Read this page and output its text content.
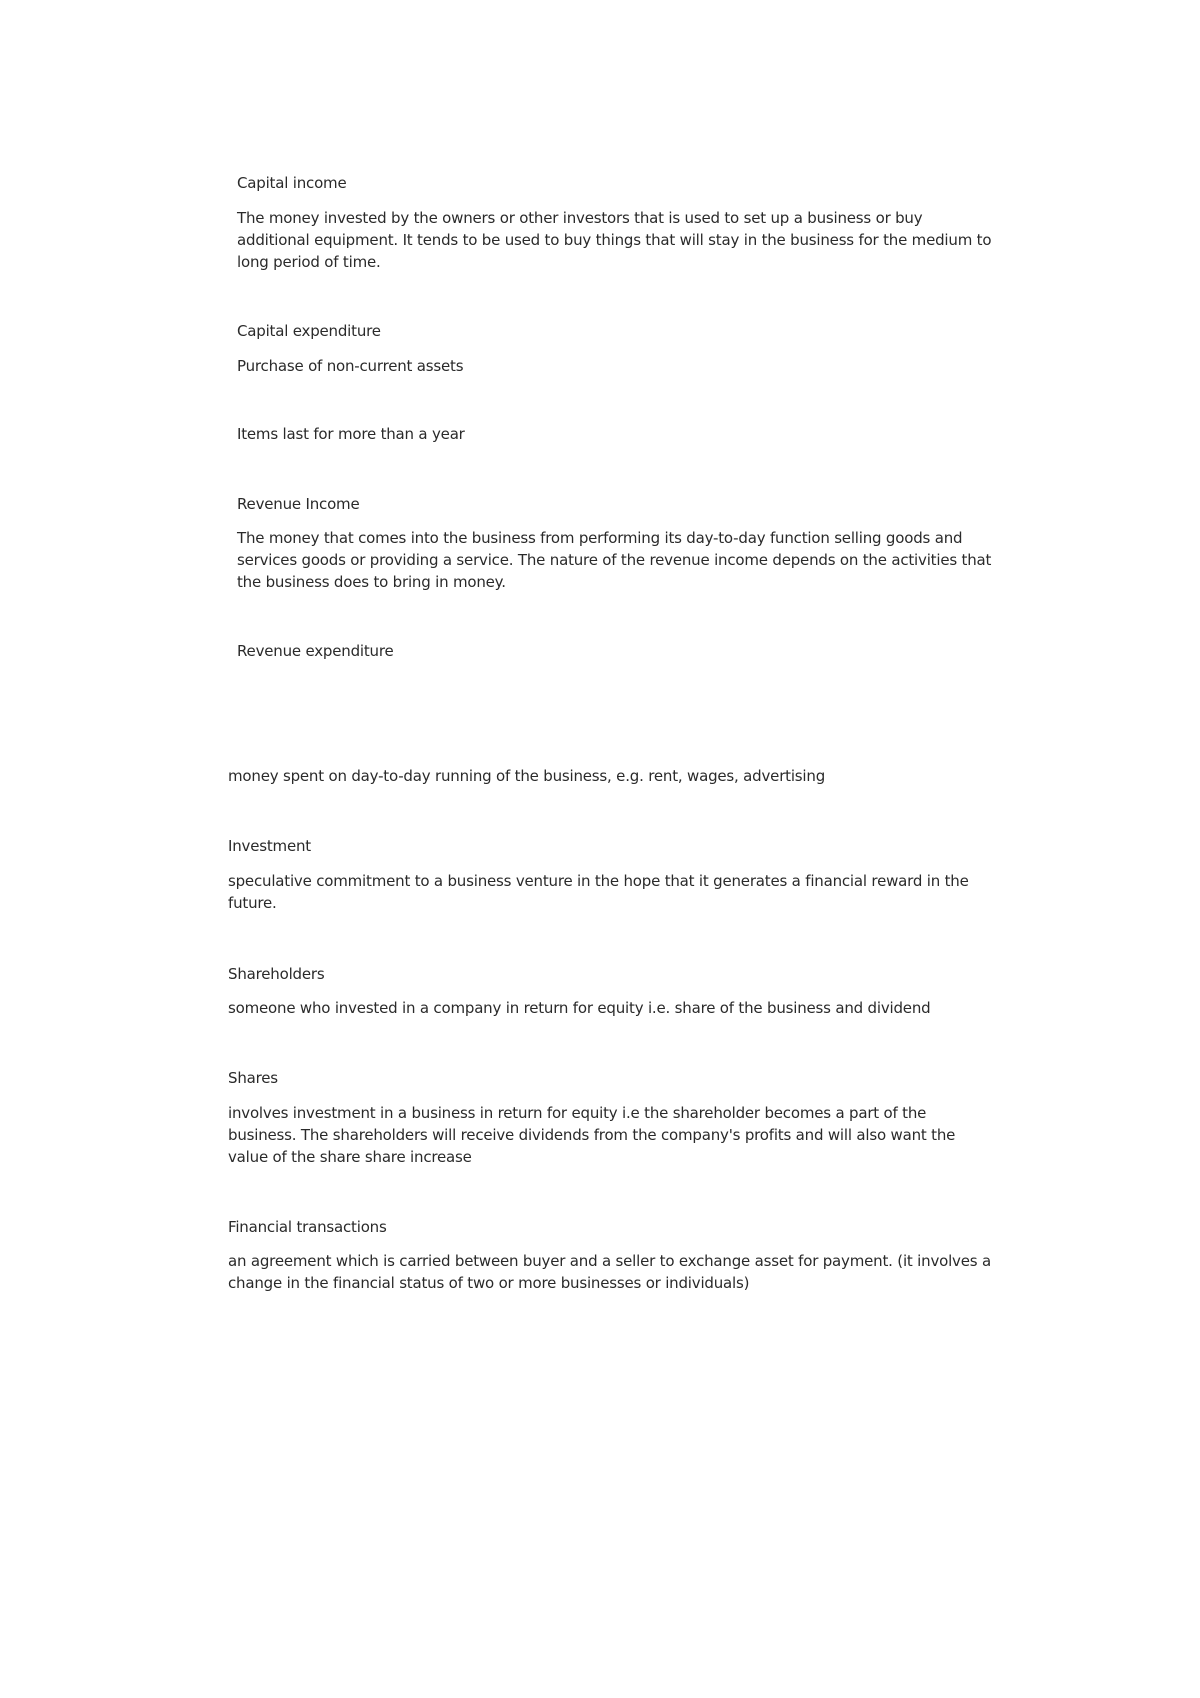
Capital income

The money invested by the owners or other investors that is used to set up a business or buy additional equipment. It tends to be used to buy things that will stay in the business for the medium to long period of time.

Capital expenditure

Purchase of non-current assets

Items last for more than a year

Revenue Income

The money that comes into the business from performing its day-to-day function selling goods and services goods or providing a service. The nature of the revenue income depends on the activities that the business does to bring in money.

Revenue expenditure

money spent on day-to-day running of the business, e.g. rent, wages, advertising

Investment

speculative commitment to a business venture in the hope that it generates a financial reward in the future.

Shareholders

someone who invested in a company in return for equity i.e. share of the business and dividend

Shares

involves investment in a business in return for equity i.e the shareholder becomes a part of the business. The shareholders will receive dividends from the company's profits and will also want the value of the share share increase

Financial transactions

an agreement which is carried between buyer and a seller to exchange asset for payment. (it involves a change in the financial status of two or more businesses or individuals)
